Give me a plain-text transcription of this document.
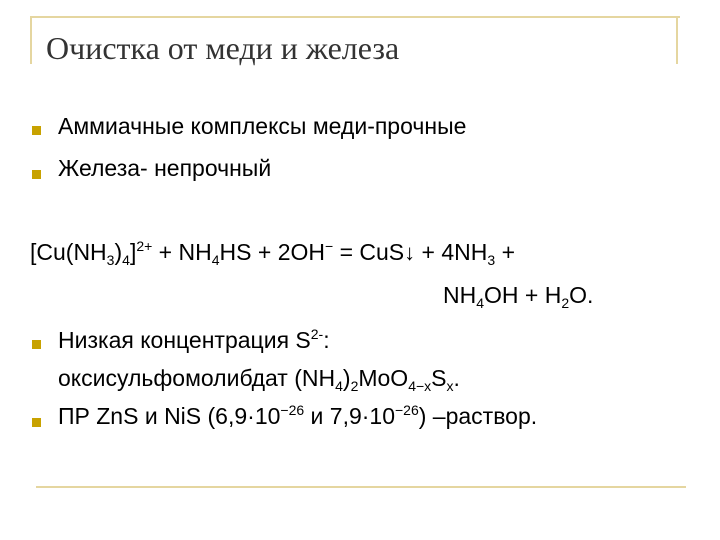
Очистка от меди и железа
Аммиачные комплексы меди-прочные
Железа- непрочный
$[Cu(NH_3)_4]^{2+} + NH_4HS + 2OH^-$ = CuS↓ + $4NH_3$ +
$NH_4OH + H_2O$.
Низкая концентрация $S^{2-}$:
оксисульфомолибдат $(NH_4)_2MoO_{4-x}S_x$.
ПР ZnS и NiS ($6,9\cdot 10^{-26}$ и $7,9\cdot 10^{-26}$) –раствор.
